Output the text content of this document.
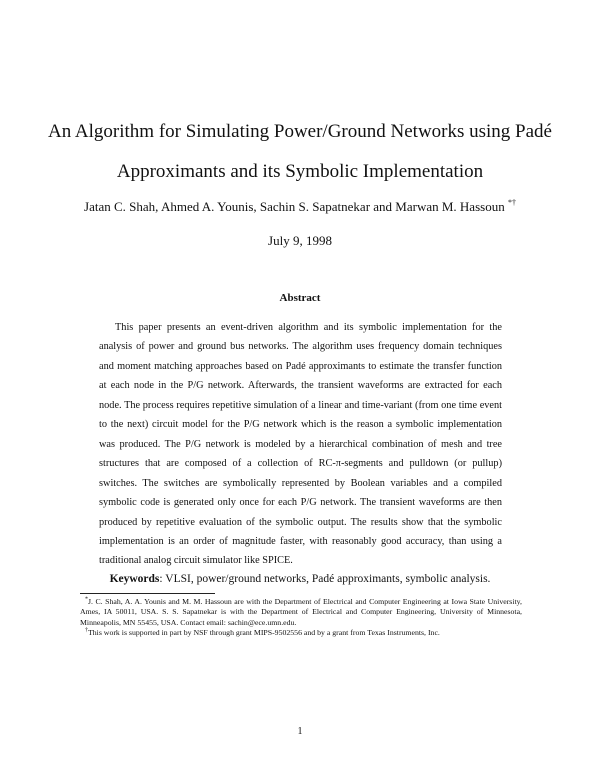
An Algorithm for Simulating Power/Ground Networks using Padé
Approximants and its Symbolic Implementation
Jatan C. Shah, Ahmed A. Younis, Sachin S. Sapatnekar and Marwan M. Hassoun *†
July 9, 1998
Abstract

This paper presents an event-driven algorithm and its symbolic implementation for the analysis of power and ground bus networks. The algorithm uses frequency domain techniques and moment matching approaches based on Padé approximants to estimate the transfer function at each node in the P/G network. Afterwards, the transient waveforms are extracted for each node. The process requires repetitive simulation of a linear and time-variant (from one time event to the next) circuit model for the P/G network which is the reason a symbolic implementation was produced. The P/G network is modeled by a hierarchical combination of mesh and tree structures that are composed of a collection of RC-π-segments and pulldown (or pullup) switches. The switches are symbolically represented by Boolean variables and a compiled symbolic code is generated only once for each P/G network. The transient waveforms are then produced by repetitive evaluation of the symbolic output. The results show that the symbolic implementation is an order of magnitude faster, with reasonably good accuracy, than using a traditional analog circuit simulator like SPICE.

Keywords: VLSI, power/ground networks, Padé approximants, symbolic analysis.

*J. C. Shah, A. A. Younis and M. M. Hassoun are with the Department of Electrical and Computer Engineering at Iowa State University, Ames, IA 50011, USA. S. S. Sapatnekar is with the Department of Electrical and Computer Engineering, University of Minnesota, Minneapolis, MN 55455, USA. Contact email: sachin@ece.umn.edu.

†This work is supported in part by NSF through grant MIPS-9502556 and by a grant from Texas Instruments, Inc.

1
